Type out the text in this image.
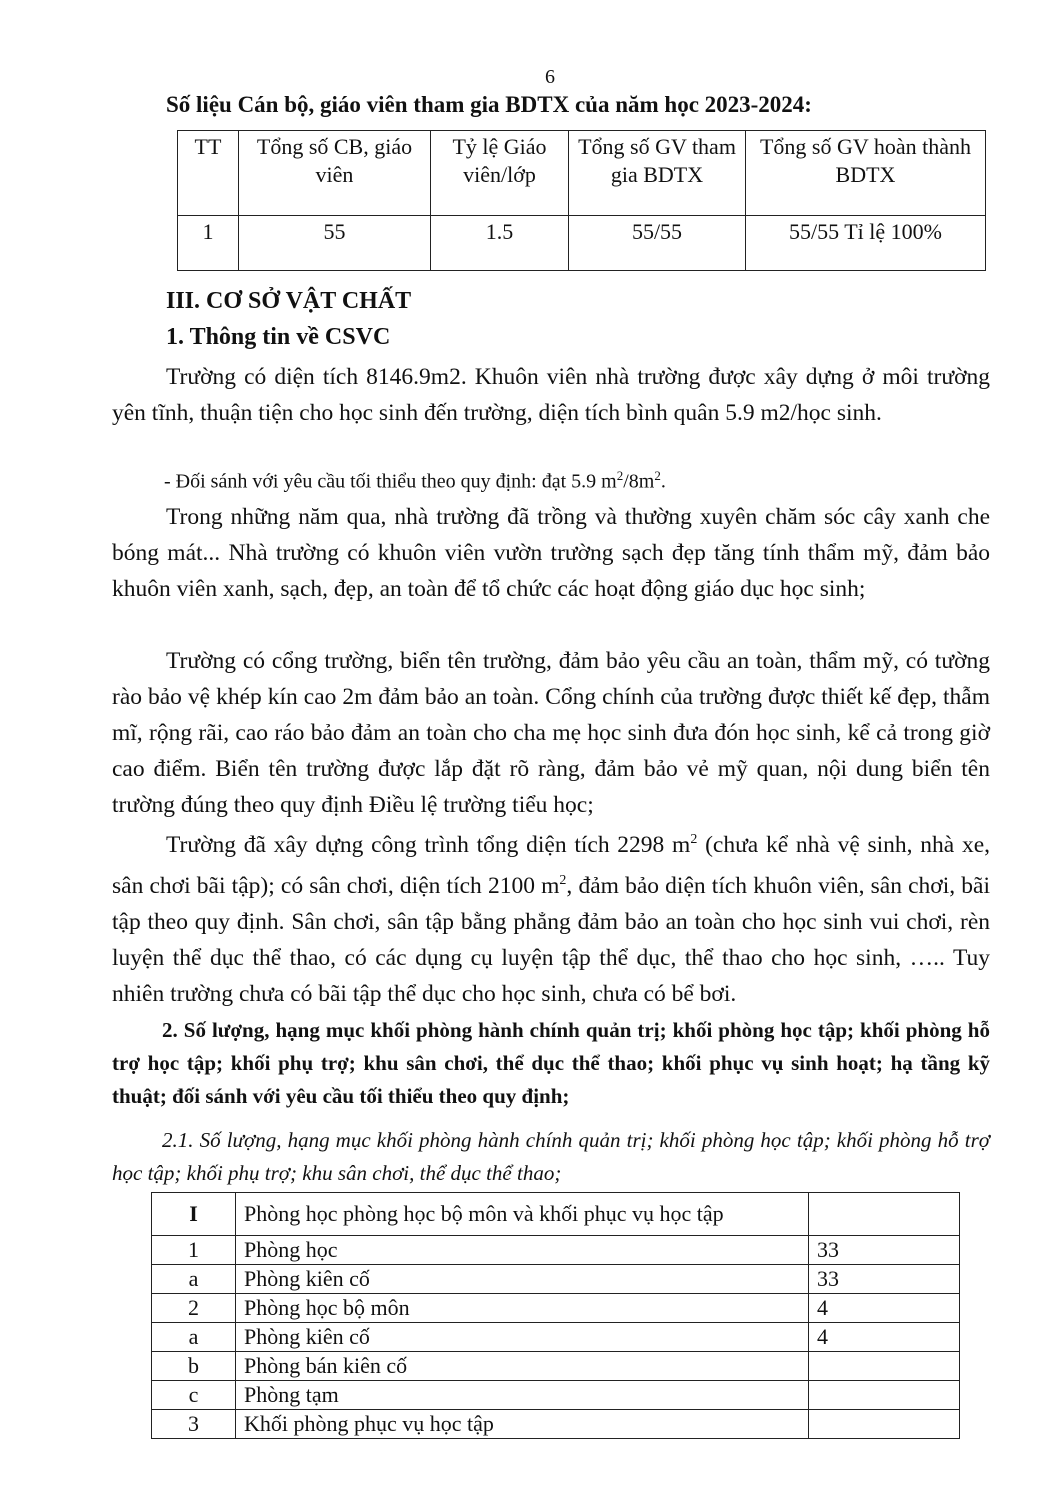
6
Số liệu Cán bộ, giáo viên tham gia BDTX của năm học 2023-2024:
TT	Tổng số CB, giáo viên	Tỷ lệ Giáo viên/lớp	Tổng số GV tham gia BDTX	Tổng số GV hoàn thành BDTX
1	55	1.5	55/55	55/55 Tỉ lệ 100%
III. CƠ SỞ VẬT CHẤT
1. Thông tin về CSVC

Trường có diện tích 8146.9m2. Khuôn viên nhà trường được xây dựng ở môi trường yên tĩnh, thuận tiện cho học sinh đến trường, diện tích bình quân 5.9 m2/học sinh.

- Đối sánh với yêu cầu tối thiểu theo quy định: đạt 5.9 $m^2/8m^2$.

Trong những năm qua, nhà trường đã trồng và thường xuyên chăm sóc cây xanh che bóng mát... Nhà trường có khuôn viên vườn trường sạch đẹp tăng tính thẩm mỹ, đảm bảo khuôn viên xanh, sạch, đẹp, an toàn để tổ chức các hoạt động giáo dục học sinh;

Trường có cổng trường, biển tên trường, đảm bảo yêu cầu an toàn, thẩm mỹ, có tường rào bảo vệ khép kín cao 2m đảm bảo an toàn. Cổng chính của trường được thiết kế đẹp, thẫm mĩ, rộng rãi, cao ráo bảo đảm an toàn cho cha mẹ học sinh đưa đón học sinh, kể cả trong giờ cao điểm. Biển tên trường được lắp đặt rõ ràng, đảm bảo vẻ mỹ quan, nội dung biển tên trường đúng theo quy định Điều lệ trường tiểu học;

Trường đã xây dựng công trình tổng diện tích 2298 $m^2$ (chưa kể nhà vệ sinh, nhà xe, sân chơi bãi tập); có sân chơi, diện tích 2100 $m^2$, đảm bảo diện tích khuôn viên, sân chơi, bãi tập theo quy định. Sân chơi, sân tập bằng phẳng đảm bảo an toàn cho học sinh vui chơi, rèn luyện thể dục thể thao, có các dụng cụ luyện tập thể dục, thể thao cho học sinh, ….. Tuy nhiên trường chưa có bãi tập thể dục cho học sinh, chưa có bể bơi.

2. Số lượng, hạng mục khối phòng hành chính quản trị; khối phòng học tập; khối phòng hỗ trợ học tập; khối phụ trợ; khu sân chơi, thể dục thể thao; khối phục vụ sinh hoạt; hạ tầng kỹ thuật; đối sánh với yêu cầu tối thiểu theo quy định;

2.1. Số lượng, hạng mục khối phòng hành chính quản trị; khối phòng học tập; khối phòng hỗ trợ học tập; khối phụ trợ; khu sân chơi, thể dục thể thao;

I	Phòng học phòng học bộ môn và khối phục vụ học tập	
1	Phòng học	33
a	Phòng kiên cố	33
2	Phòng học bộ môn	4
a	Phòng kiên cố	4
b	Phòng bán kiên cố	
c	Phòng tạm	
3	Khối phòng phục vụ học tập	
